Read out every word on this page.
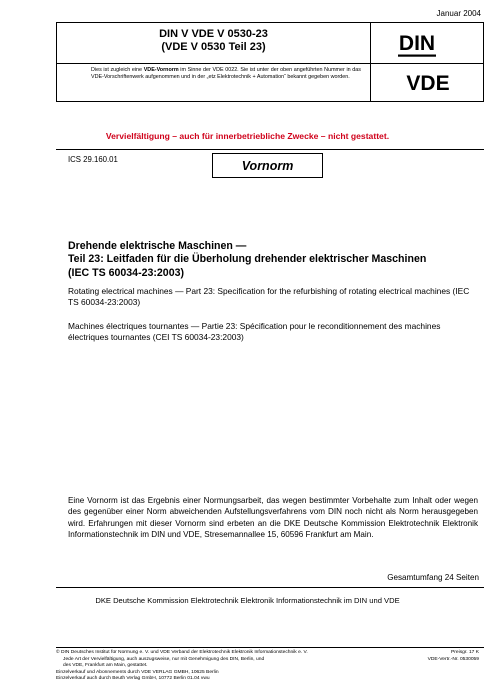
Januar 2004
DIN V VDE V 0530-23
(VDE V 0530 Teil 23)
Dies ist zugleich eine VDE-Vornorm im Sinne der VDE 0022. Sie ist unter der oben angeführten Nummer in das VDE-Vorschriftenwerk aufgenommen und in der „etz Elektrotechnik + Automation“ bekannt gegeben worden.
DIN
VDE
Vervielfältigung – auch für innerbetriebliche Zwecke – nicht gestattet.
ICS 29.160.01	Vornorm
Drehende elektrische Maschinen —
Teil 23: Leitfaden für die Überholung drehender elektrischer Maschinen
(IEC TS 60034-23:2003)
Rotating electrical machines — Part 23: Specification for the refurbishing of rotating electrical machines (IEC TS 60034-23:2003)
Machines électriques tournantes — Partie 23: Spécification pour le reconditionnement des machines électriques tournantes (CEI TS 60034-23:2003)
Eine Vornorm ist das Ergebnis einer Normungsarbeit, das wegen bestimmter Vorbehalte zum Inhalt oder wegen des gegenüber einer Norm abweichenden Aufstellungsverfahrens vom DIN noch nicht als Norm herausgegeben wird. Erfahrungen mit dieser Vornorm sind erbeten an die DKE Deutsche Kommission Elektrotechnik Elektronik Informationstechnik im DIN und VDE, Stresemannallee 15, 60596 Frankfurt am Main.
Gesamtumfang 24 Seiten
DKE Deutsche Kommission Elektrotechnik Elektronik Informationstechnik im DIN und VDE
© DIN Deutsches Institut für Normung e. V. und VDE Verband der Elektrotechnik Elektronik Informationstechnik e. V.
Jede Art der Vervielfältigung, auch auszugsweise, nur mit Genehmigung des DIN, Berlin, und
des VDE, Frankfurt am Main, gestattet.
Einzelverkauf und Abonnements durch VDE VERLAG GMBH, 10625 Berlin
Einzelverkauf auch durch Beuth Verlag GmbH, 10772 Berlin 01.04 vwu
Preisgr. 17 K
VDE-Vertr.-Nr. 0530059
